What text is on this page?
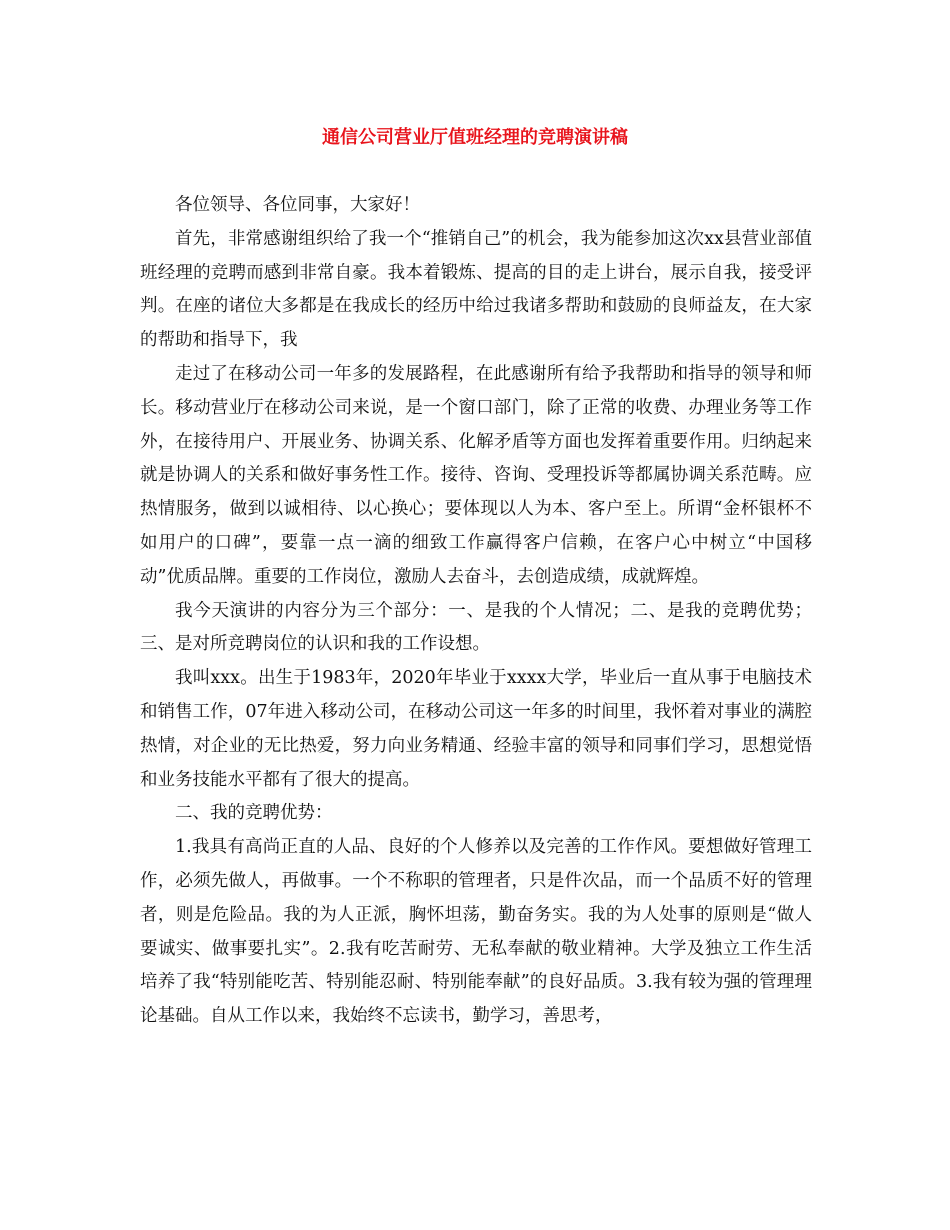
通信公司营业厅值班经理的竞聘演讲稿

各位领导、各位同事，大家好！

首先，非常感谢组织给了我一个“推销自己”的机会，我为能参加这次xx县营业部值班经理的竞聘而感到非常自豪。我本着锻炼、提高的目的走上讲台，展示自我，接受评判。在座的诸位大多都是在我成长的经历中给过我诸多帮助和鼓励的良师益友，在大家的帮助和指导下，我

走过了在移动公司一年多的发展路程，在此感谢所有给予我帮助和指导的领导和师长。移动营业厅在移动公司来说，是一个窗口部门，除了正常的收费、办理业务等工作外，在接待用户、开展业务、协调关系、化解矛盾等方面也发挥着重要作用。归纳起来就是协调人的关系和做好事务性工作。接待、咨询、受理投诉等都属协调关系范畴。应热情服务，做到以诚相待、以心换心；要体现以人为本、客户至上。所谓“金杯银杯不如用户的口碑”，要靠一点一滴的细致工作赢得客户信赖，在客户心中树立“中国移动”优质品牌。重要的工作岗位，激励人去奋斗，去创造成绩，成就辉煌。

我今天演讲的内容分为三个部分：一、是我的个人情况；二、是我的竞聘优势；三、是对所竞聘岗位的认识和我的工作设想。

我叫xxx。出生于1983年，2020年毕业于xxxx大学，毕业后一直从事于电脑技术和销售工作，07年进入移动公司，在移动公司这一年多的时间里，我怀着对事业的满腔热情，对企业的无比热爱，努力向业务精通、经验丰富的领导和同事们学习，思想觉悟和业务技能水平都有了很大的提高。

二、我的竞聘优势：

1.我具有高尚正直的人品、良好的个人修养以及完善的工作作风。要想做好管理工作，必须先做人，再做事。一个不称职的管理者，只是件次品，而一个品质不好的管理者，则是危险品。我的为人正派，胸怀坦荡，勤奋务实。我的为人处事的原则是“做人要诚实、做事要扎实”。2.我有吃苦耐劳、无私奉献的敬业精神。大学及独立工作生活培养了我“特别能吃苦、特别能忍耐、特别能奉献”的良好品质。3.我有较为强的管理理论基础。自从工作以来，我始终不忘读书，勤学习，善思考，
